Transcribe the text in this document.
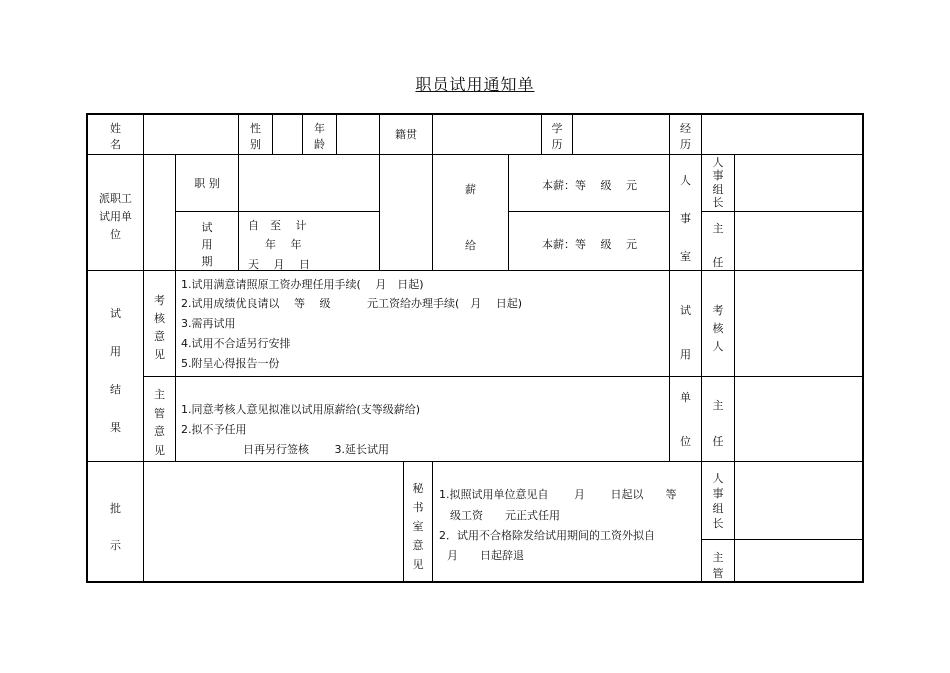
职员试用通知单
姓
名
性
别
年
龄
籍贯	学
历
经
历
派职工
试用单
位
职 别
试
用
期
自　至　 计
年　 年
天　 月　 日
薪
给
本薪：等　 级　 元
本薪：等　 级　 元
人
事
室
人
事
组
长
主
任
试
用
结
果
考
核
意
见
1.试用满意请照原工资办理任用手续(　 月　日起)
2.试用成绩优良请以　 等　 级　　　 元工资给办理手续(　月　 日起)
3.需再试用
4.试用不合适另行安排
5.附呈心得报告一份
试
用
单
位
考
核
人
主
管
意
见
1.同意考核人意见拟准以试用原薪给(支等级薪给)
2.拟不予任用
日再另行签核　　 3.延长试用
主
任
批
示
秘
书
室
意
见
1.拟照试用单位意见自　　 月　　 日起以　　等
级工资　　元正式任用
2．试用不合格除发给试用期间的工资外拟自
月　　日起辞退
人
事
组
长
主
管
